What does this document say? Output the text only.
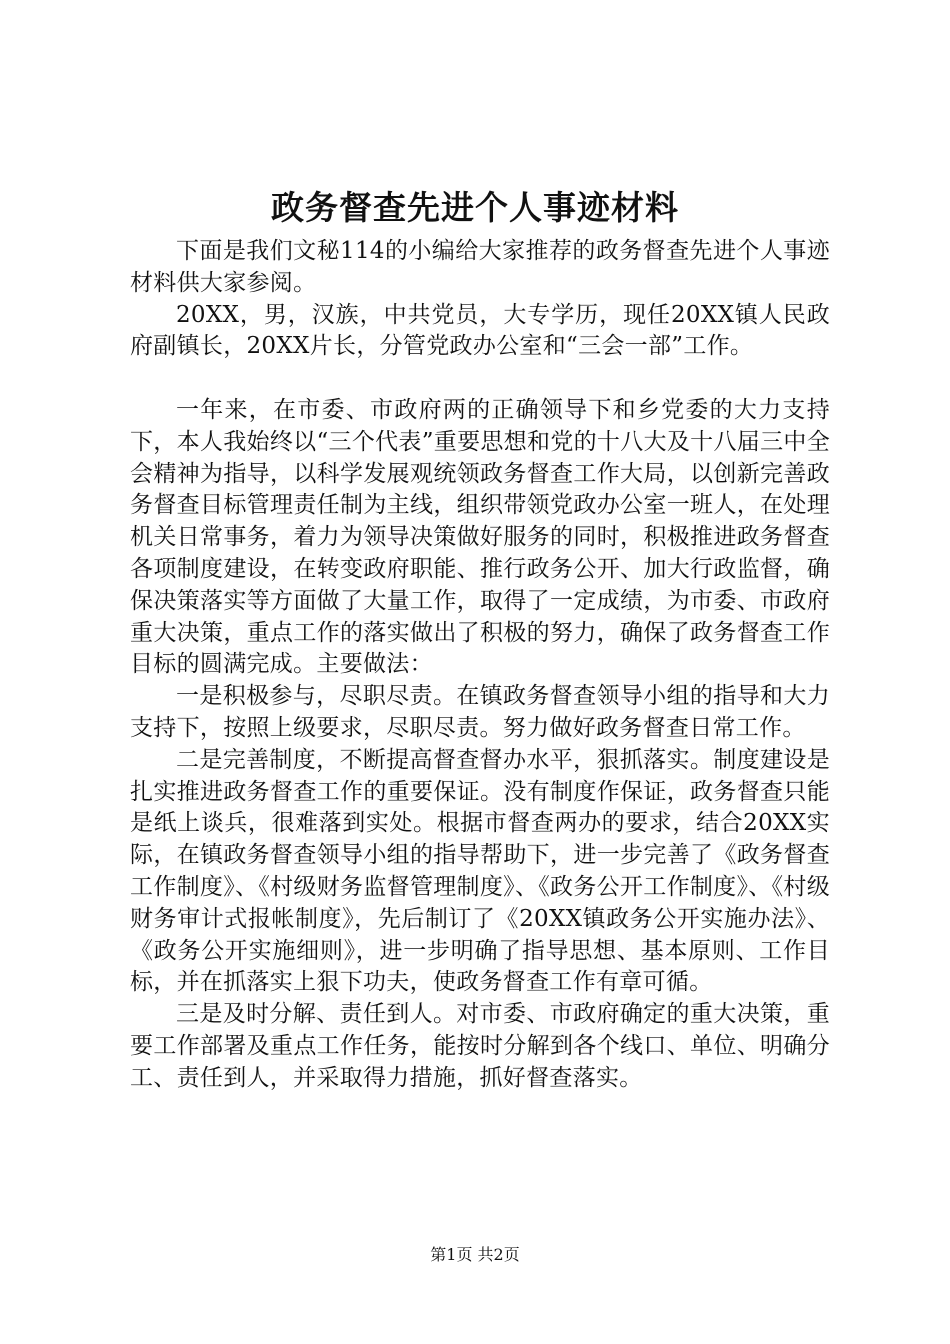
政务督查先进个人事迹材料

下面是我们文秘114的小编给大家推荐的政务督查先进个人事迹材料供大家参阅。

20XX，男，汉族，中共党员，大专学历，现任20XX镇人民政府副镇长，20XX片长，分管党政办公室和“三会一部”工作。

一年来，在市委、市政府两的正确领导下和乡党委的大力支持下，本人我始终以“三个代表”重要思想和党的十八大及十八届三中全会精神为指导，以科学发展观统领政务督查工作大局，以创新完善政务督查目标管理责任制为主线，组织带领党政办公室一班人，在处理机关日常事务，着力为领导决策做好服务的同时，积极推进政务督查各项制度建设，在转变政府职能、推行政务公开、加大行政监督，确保决策落实等方面做了大量工作，取得了一定成绩，为市委、市政府重大决策，重点工作的落实做出了积极的努力，确保了政务督查工作目标的圆满完成。主要做法：

一是积极参与，尽职尽责。在镇政务督查领导小组的指导和大力支持下，按照上级要求，尽职尽责。努力做好政务督查日常工作。

二是完善制度，不断提高督查督办水平，狠抓落实。制度建设是扎实推进政务督查工作的重要保证。没有制度作保证，政务督查只能是纸上谈兵，很难落到实处。根据市督查两办的要求，结合20XX实际，在镇政务督查领导小组的指导帮助下，进一步完善了《政务督查工作制度》、《村级财务监督管理制度》、《政务公开工作制度》、《村级财务审计式报帐制度》，先后制订了《20XX镇政务公开实施办法》、《政务公开实施细则》，进一步明确了指导思想、基本原则、工作目标，并在抓落实上狠下功夫，使政务督查工作有章可循。

三是及时分解、责任到人。对市委、市政府确定的重大决策，重要工作部署及重点工作任务，能按时分解到各个线口、单位、明确分工、责任到人，并采取得力措施，抓好督查落实。

第1页 共2页
